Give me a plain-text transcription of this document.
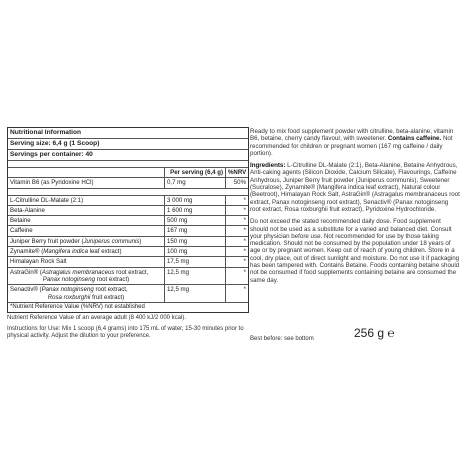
Nutritional Information
Serving size: 6,4 g (1 Scoop)
Servings per container: 40
Per serving (6,4 g) %NRV
Vitamin B6 (as Pyridoxine HCl)	0,7 mg	50%
L-Citrulline DL-Malate (2:1)	3 000 mg	*
Beta-Alanine	1 600 mg	*
Betaine	500 mg	*
Caffeine	167 mg	*
Juniper Berry fruit powder (Juniperus communis)	150 mg	*
Zynamite® (Mangifera indica leaf extract)	100 mg	*
Himalayan Rock Salt	17,5 mg	*
AstraGin® (Astragalus membranaceus root extract,
Panax notoginseng root extract)
12,5 mg	*
Senactiv® (Panax notoginseng root extract,
Rosa roxburghii fruit extract)
12,5 mg	*
*Nutrient Reference Value (%NRV) not established
Nutrient Reference Value of an average adult (8 400 kJ/2 000 kcal).
Instructions for Use: Mix 1 scoop (6,4 grams) into 175 mL of water, 15-30 minutes prior to physical activity. Adjust the dilution to your preference.

Ready to mix food supplement powder with citrulline, beta-alanine, vitamin B6, betaine, cherry candy flavour, with sweetener. Contains caffeine. Not recommended for children or pregnant women (167 mg caffeine / daily portion).

Ingredients: L-Citrulline DL-Malate (2:1), Beta-Alanine, Betaine Anhydrous, Anti-caking agents (Silicon Dioxide, Calcium Silicate), Flavourings, Caffeine Anhydrous, Juniper Berry fruit powder (Juniperus communis), Sweetener (Sucralose), Zynamite® (Mangifera indica leaf extract), Natural colour (Beetroot), Himalayan Rock Salt, AstraGin® (Astragalus membranaceus root extract, Panax notoginseng root extract), Senactiv® (Panax notoginseng root extract, Rosa roxburghii fruit extract), Pyridoxine Hydrochloride.

Do not exceed the stated recommended daily dose. Food supplement should not be used as a substitute for a varied and balanced diet. Consult your physician before use. Not recommended for use by those taking medication. Should not be consumed by the population under 18 years of age or by pregnant women. Keep out of reach of young children. Store in a cool, dry place, out of direct sunlight and moisture. Do not use it if packaging has been tampered with. Contains Betaine. Foods containing betaine should not be consumed if food supplements containing betaine are consumed the same day.

Best before: see bottom	256 g ℮
